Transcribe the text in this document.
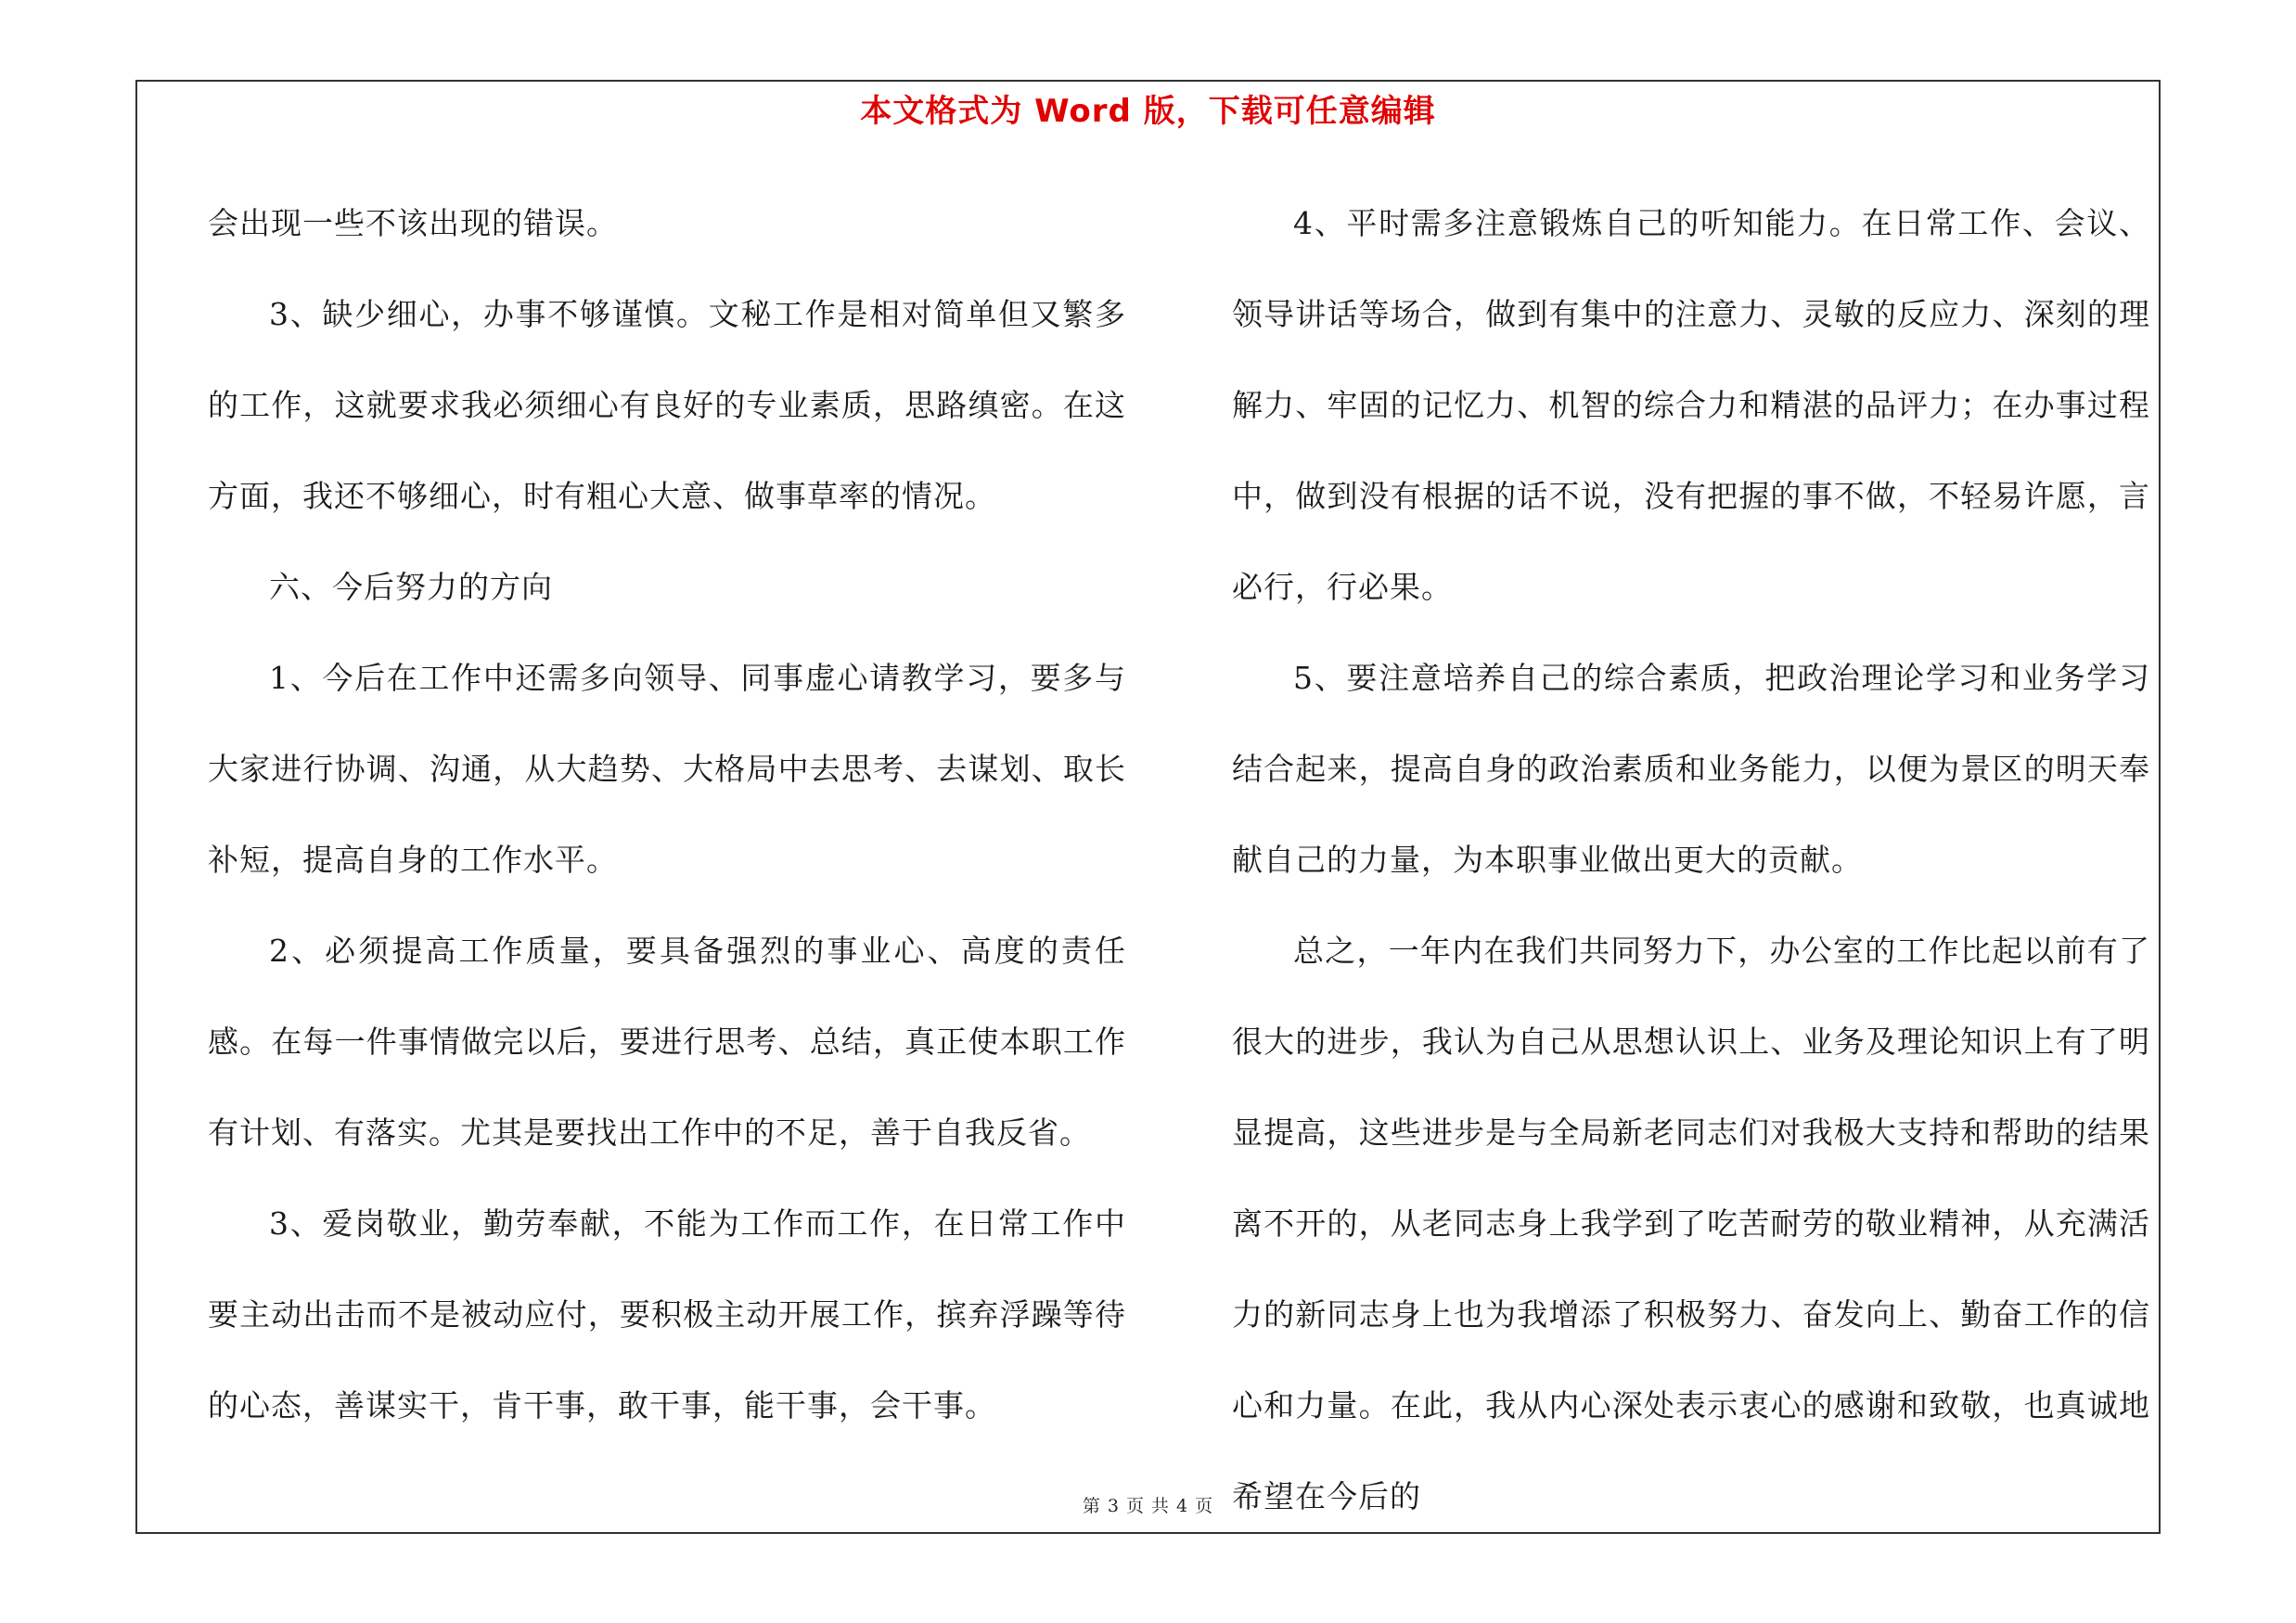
本文格式为 Word 版，下载可任意编辑

会出现一些不该出现的错误。

3、缺少细心，办事不够谨慎。文秘工作是相对简单但又繁多的工作，这就要求我必须细心有良好的专业素质，思路缜密。在这方面，我还不够细心，时有粗心大意、做事草率的情况。

六、今后努力的方向

1、今后在工作中还需多向领导、同事虚心请教学习，要多与大家进行协调、沟通，从大趋势、大格局中去思考、去谋划、取长补短，提高自身的工作水平。

2、必须提高工作质量，要具备强烈的事业心、高度的责任感。在每一件事情做完以后，要进行思考、总结，真正使本职工作有计划、有落实。尤其是要找出工作中的不足，善于自我反省。

3、爱岗敬业，勤劳奉献，不能为工作而工作，在日常工作中要主动出击而不是被动应付，要积极主动开展工作，摈弃浮躁等待的心态，善谋实干，肯干事，敢干事，能干事，会干事。

4、平时需多注意锻炼自己的听知能力。在日常工作、会议、领导讲话等场合，做到有集中的注意力、灵敏的反应力、深刻的理解力、牢固的记忆力、机智的综合力和精湛的品评力；在办事过程中，做到没有根据的话不说，没有把握的事不做，不轻易许愿，言必行，行必果。

5、要注意培养自己的综合素质，把政治理论学习和业务学习结合起来，提高自身的政治素质和业务能力，以便为景区的明天奉献自己的力量，为本职事业做出更大的贡献。

总之，一年内在我们共同努力下，办公室的工作比起以前有了很大的进步，我认为自己从思想认识上、业务及理论知识上有了明显提高，这些进步是与全局新老同志们对我极大支持和帮助的结果离不开的，从老同志身上我学到了吃苦耐劳的敬业精神，从充满活力的新同志身上也为我增添了积极努力、奋发向上、勤奋工作的信心和力量。在此，我从内心深处表示衷心的感谢和致敬，也真诚地希望在今后的

第 3 页 共 4 页
